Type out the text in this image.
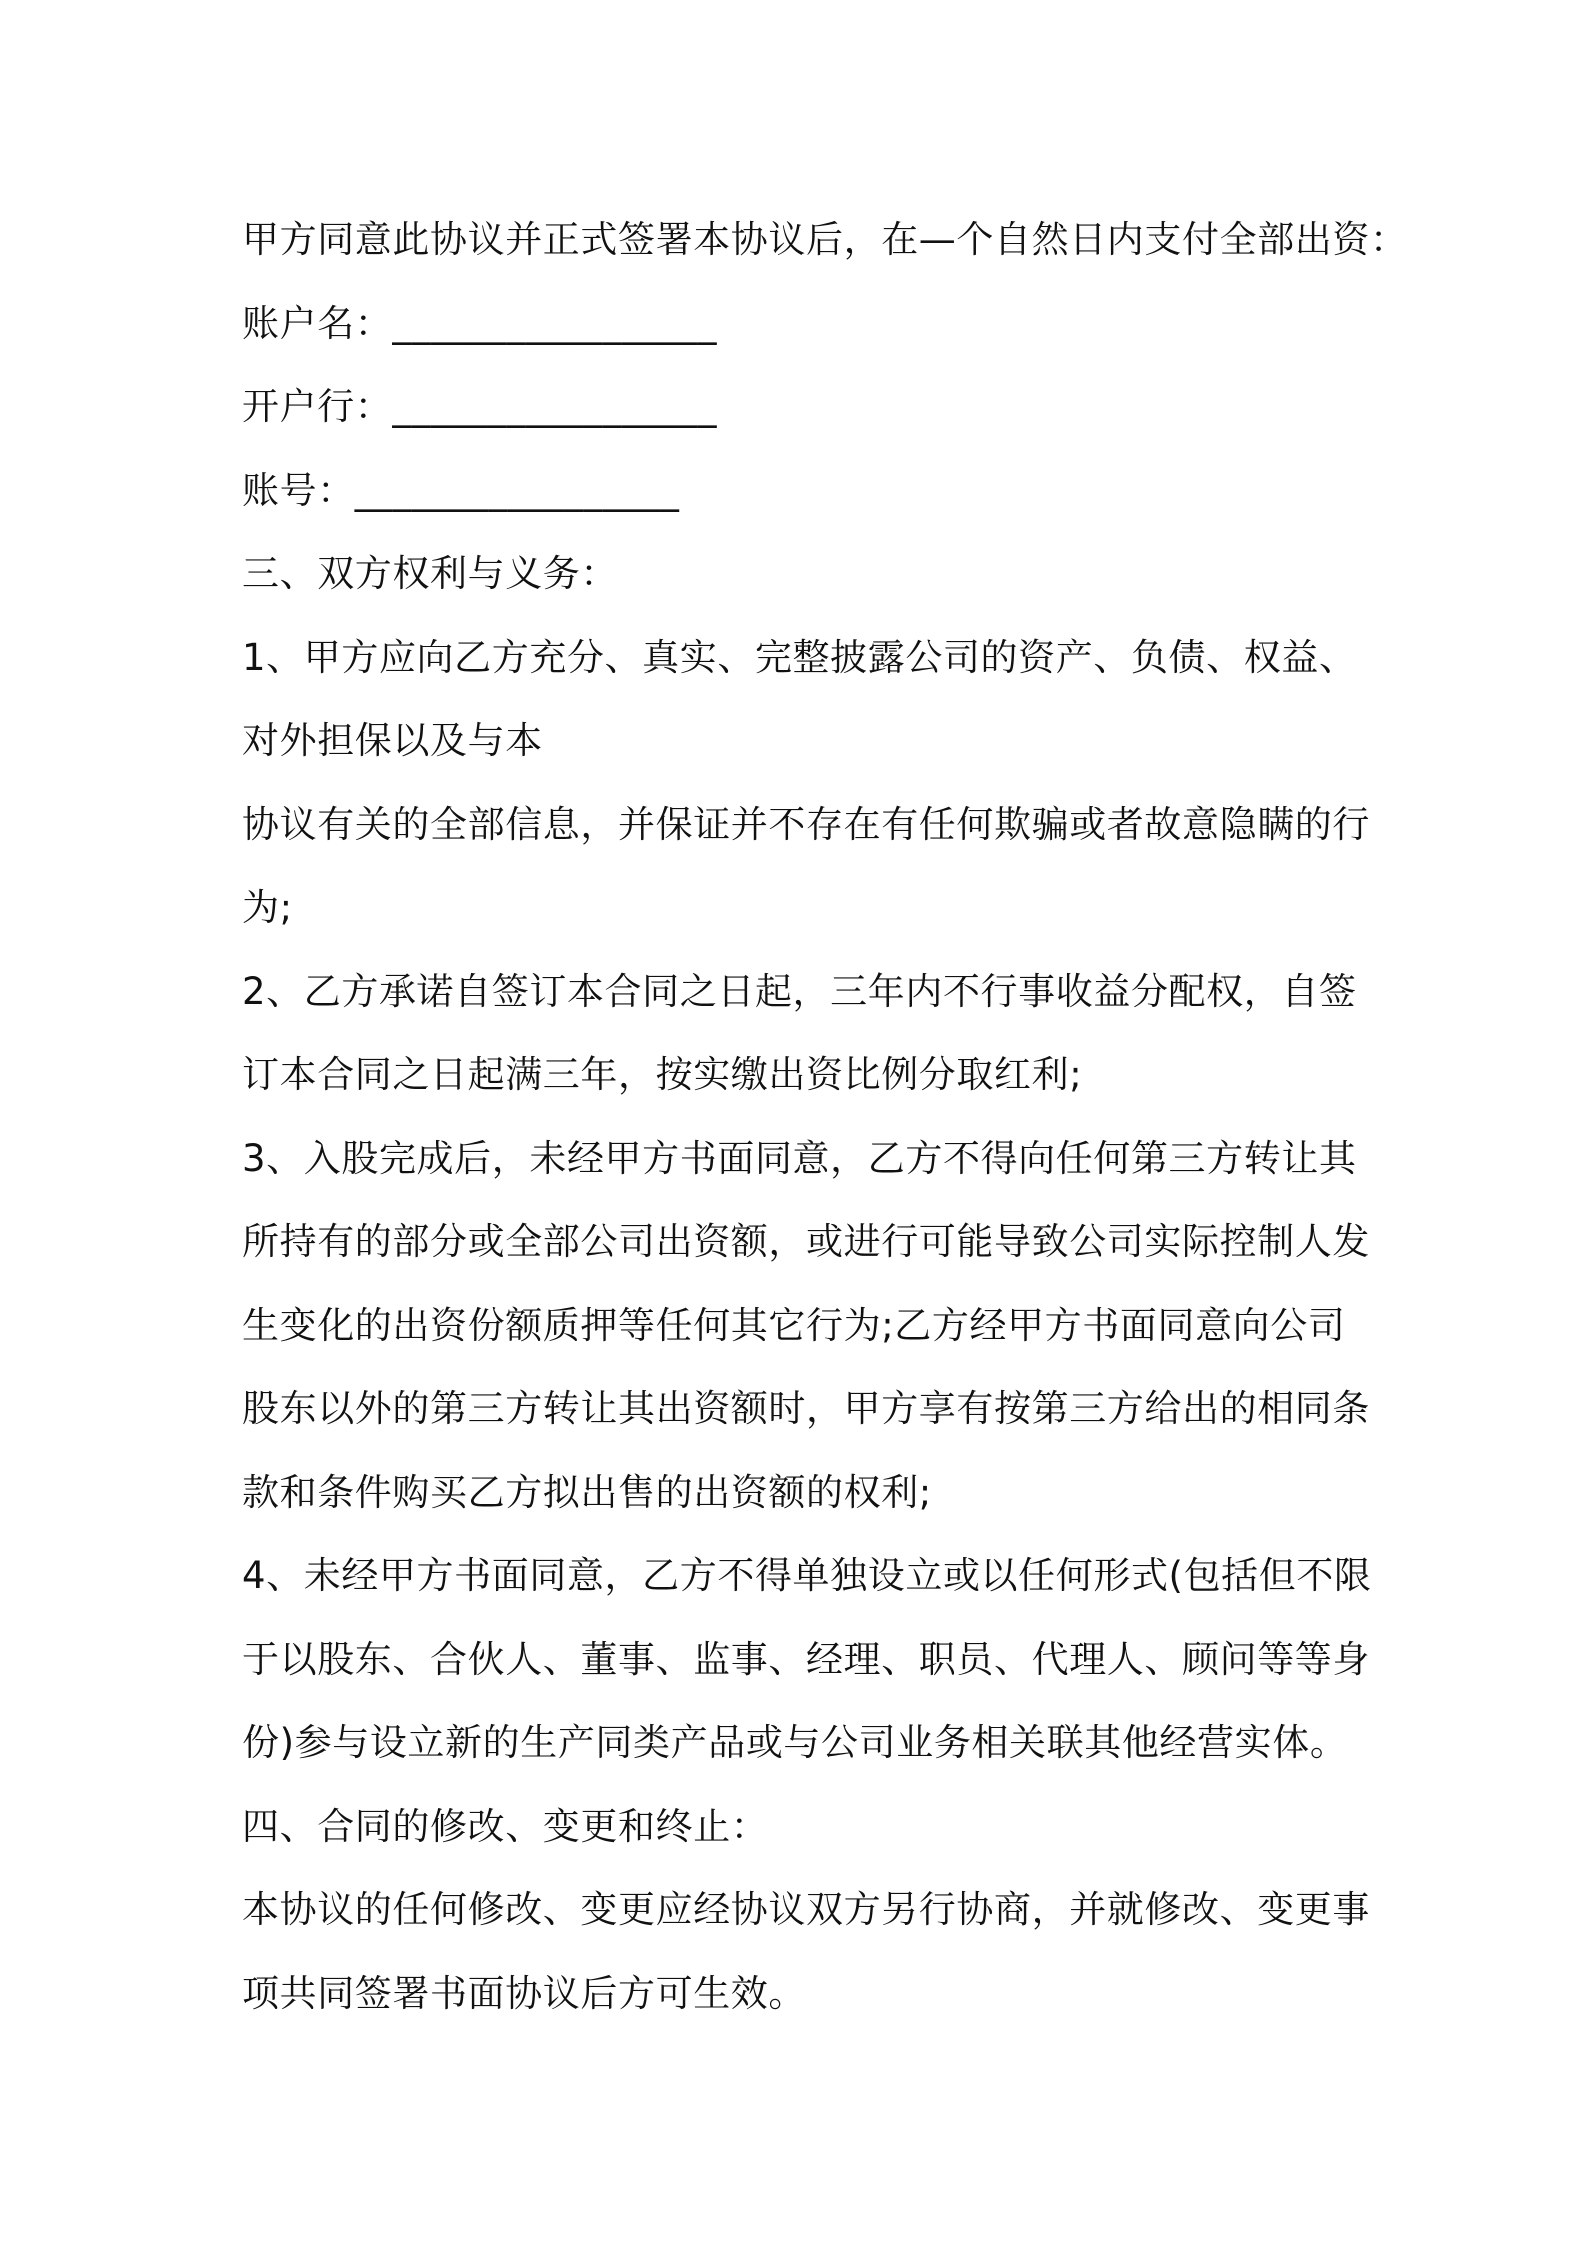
甲方同意此协议并正式签署本协议后，在—个自然日内支付全部出资：
账户名：_________________
开户行：_________________
账号：_________________
三、双方权利与义务：
1、甲方应向乙方充分、真实、完整披露公司的资产、负债、权益、
对外担保以及与本
协议有关的全部信息，并保证并不存在有任何欺骗或者故意隐瞒的行
为;
2、乙方承诺自签订本合同之日起，三年内不行事收益分配权，自签
订本合同之日起满三年，按实缴出资比例分取红利;
3、入股完成后，未经甲方书面同意，乙方不得向任何第三方转让其
所持有的部分或全部公司出资额，或进行可能导致公司实际控制人发
生变化的出资份额质押等任何其它行为;乙方经甲方书面同意向公司
股东以外的第三方转让其出资额时，甲方享有按第三方给出的相同条
款和条件购买乙方拟出售的出资额的权利;
4、未经甲方书面同意，乙方不得单独设立或以任何形式(包括但不限
于以股东、合伙人、董事、监事、经理、职员、代理人、顾问等等身
份)参与设立新的生产同类产品或与公司业务相关联其他经营实体。
四、合同的修改、变更和终止：
本协议的任何修改、变更应经协议双方另行协商，并就修改、变更事
项共同签署书面协议后方可生效。
